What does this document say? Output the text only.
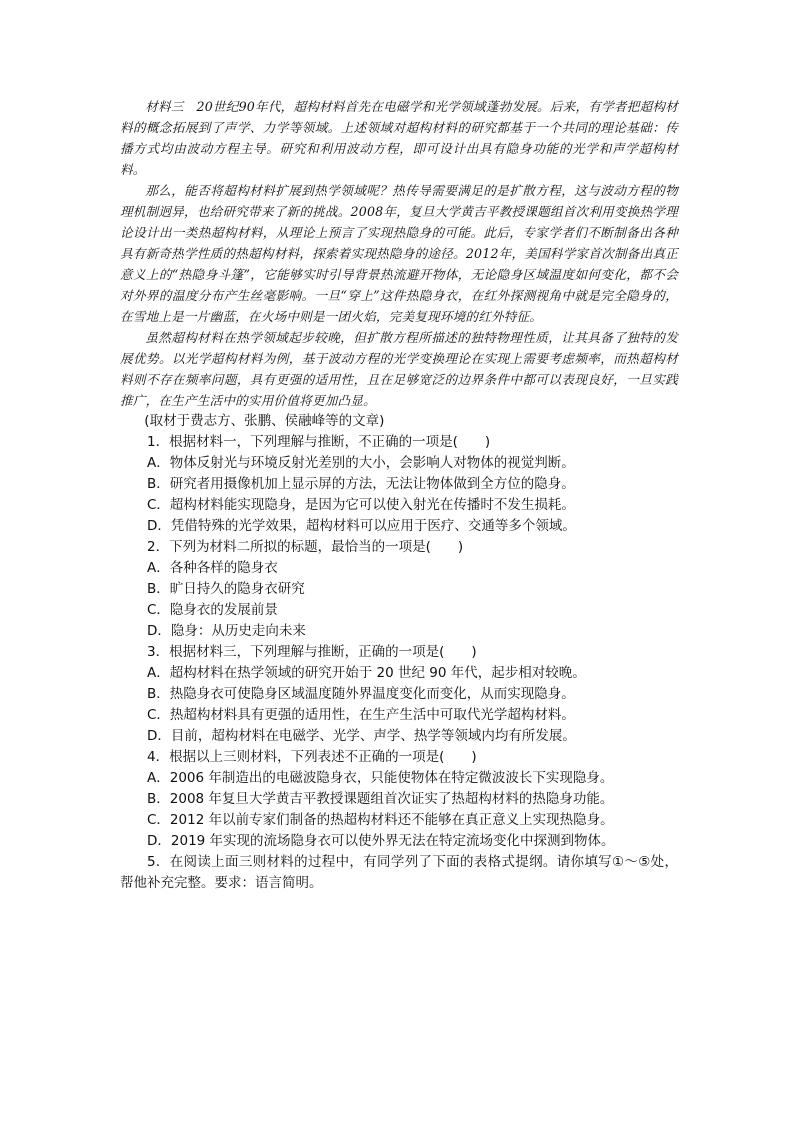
材料三　 20世纪90年代，超构材料首先在电磁学和光学领域蓬勃发展。后来，有学者把超构材料的概念拓展到了声学、力学等领域。上述领域对超构材料的研究都基于一个共同的理论基础：传播方式均由波动方程主导。研究和利用波动方程，即可设计出具有隐身功能的光学和声学超构材料。

那么，能否将超构材料扩展到热学领域呢？热传导需要满足的是扩散方程，这与波动方程的物理机制迥异，也给研究带来了新的挑战。2008年，复旦大学黄吉平教授课题组首次利用变换热学理论设计出一类热超构材料，从理论上预言了实现热隐身的可能。此后，专家学者们不断制备出各种具有新奇热学性质的热超构材料，探索着实现热隐身的途径。2012年，美国科学家首次制备出真正意义上的“热隐身斗篷”，它能够实时引导背景热流避开物体，无论隐身区域温度如何变化，都不会对外界的温度分布产生丝毫影响。一旦“穿上”这件热隐身衣，在红外探测视角中就是完全隐身的，在雪地上是一片幽蓝，在火场中则是一团火焰，完美复现环境的红外特征。

虽然超构材料在热学领域起步较晚，但扩散方程所描述的独特物理性质，让其具备了独特的发展优势。以光学超构材料为例，基于波动方程的光学变换理论在实现上需要考虑频率，而热超构材料则不存在频率问题，具有更强的适用性，且在足够宽泛的边界条件中都可以表现良好，一旦实践推广，在生产生活中的实用价值将更加凸显。

(取材于费志方、张鹏、侯融峰等的文章)

1．根据材料一，下列理解与推断，不正确的一项是(　　)

A．物体反射光与环境反射光差别的大小，会影响人对物体的视觉判断。

B．研究者用摄像机加上显示屏的方法，无法让物体做到全方位的隐身。

C．超构材料能实现隐身，是因为它可以使入射光在传播时不发生损耗。

D．凭借特殊的光学效果，超构材料可以应用于医疗、交通等多个领域。

2．下列为材料二所拟的标题，最恰当的一项是(　　)

A．各种各样的隐身衣

B．旷日持久的隐身衣研究

C．隐身衣的发展前景

D．隐身：从历史走向未来

3．根据材料三，下列理解与推断，正确的一项是(　　)

A．超构材料在热学领域的研究开始于 20 世纪 90 年代，起步相对较晚。

B．热隐身衣可使隐身区域温度随外界温度变化而变化，从而实现隐身。

C．热超构材料具有更强的适用性，在生产生活中可取代光学超构材料。

D．目前，超构材料在电磁学、光学、声学、热学等领域内均有所发展。

4．根据以上三则材料，下列表述不正确的一项是(　　)

A．2006 年制造出的电磁波隐身衣，只能使物体在特定微波波长下实现隐身。

B．2008 年复旦大学黄吉平教授课题组首次证实了热超构材料的热隐身功能。

C．2012 年以前专家们制备的热超构材料还不能够在真正意义上实现热隐身。

D．2019 年实现的流场隐身衣可以使外界无法在特定流场变化中探测到物体。

5．在阅读上面三则材料的过程中，有同学列了下面的表格式提纲。请你填写①～⑤处，帮他补充完整。要求：语言简明。
